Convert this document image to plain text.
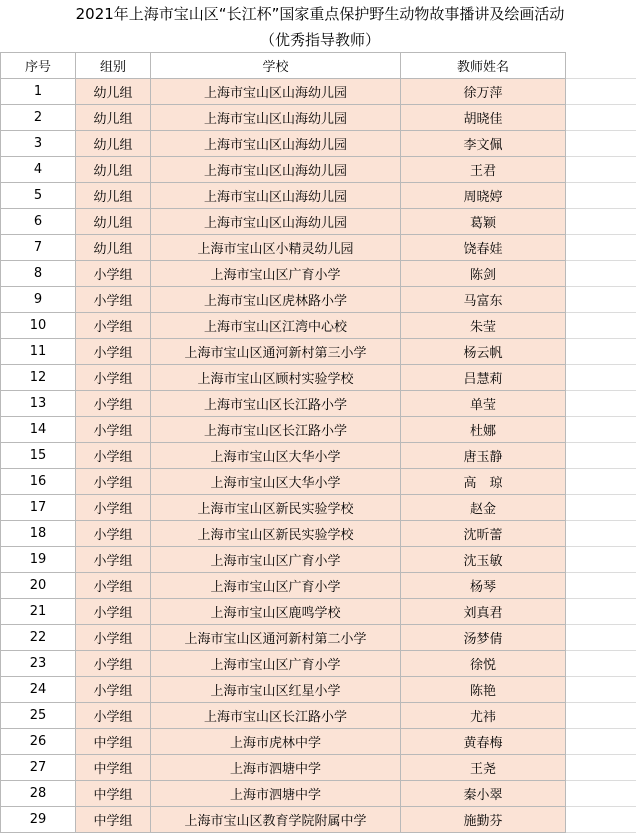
2021年上海市宝山区“长江杯”国家重点保护野生动物故事播讲及绘画活动
（优秀指导教师）
序号	组别	学校	教师姓名	
1	幼儿组	上海市宝山区山海幼儿园	徐万萍	
2	幼儿组	上海市宝山区山海幼儿园	胡晓佳	
3	幼儿组	上海市宝山区山海幼儿园	李文佩	
4	幼儿组	上海市宝山区山海幼儿园	王君	
5	幼儿组	上海市宝山区山海幼儿园	周晓婷	
6	幼儿组	上海市宝山区山海幼儿园	葛颖	
7	幼儿组	上海市宝山区小精灵幼儿园	饶春娃	
8	小学组	上海市宝山区广育小学	陈剑	
9	小学组	上海市宝山区虎林路小学	马富东	
10	小学组	上海市宝山区江湾中心校	朱莹	
11	小学组	上海市宝山区通河新村第三小学	杨云帆	
12	小学组	上海市宝山区顾村实验学校	吕慧莉	
13	小学组	上海市宝山区长江路小学	单莹	
14	小学组	上海市宝山区长江路小学	杜娜	
15	小学组	上海市宝山区大华小学	唐玉静	
16	小学组	上海市宝山区大华小学	高　琼	
17	小学组	上海市宝山区新民实验学校	赵金	
18	小学组	上海市宝山区新民实验学校	沈昕蕾	
19	小学组	上海市宝山区广育小学	沈玉敏	
20	小学组	上海市宝山区广育小学	杨琴	
21	小学组	上海市宝山区鹿鸣学校	刘真君	
22	小学组	上海市宝山区通河新村第二小学	汤梦倩	
23	小学组	上海市宝山区广育小学	徐悦	
24	小学组	上海市宝山区红星小学	陈艳	
25	小学组	上海市宝山区长江路小学	尤祎	
26	中学组	上海市虎林中学	黄春梅	
27	中学组	上海市泗塘中学	王尧	
28	中学组	上海市泗塘中学	秦小翠	
29	中学组	上海市宝山区教育学院附属中学	施勤芬	
